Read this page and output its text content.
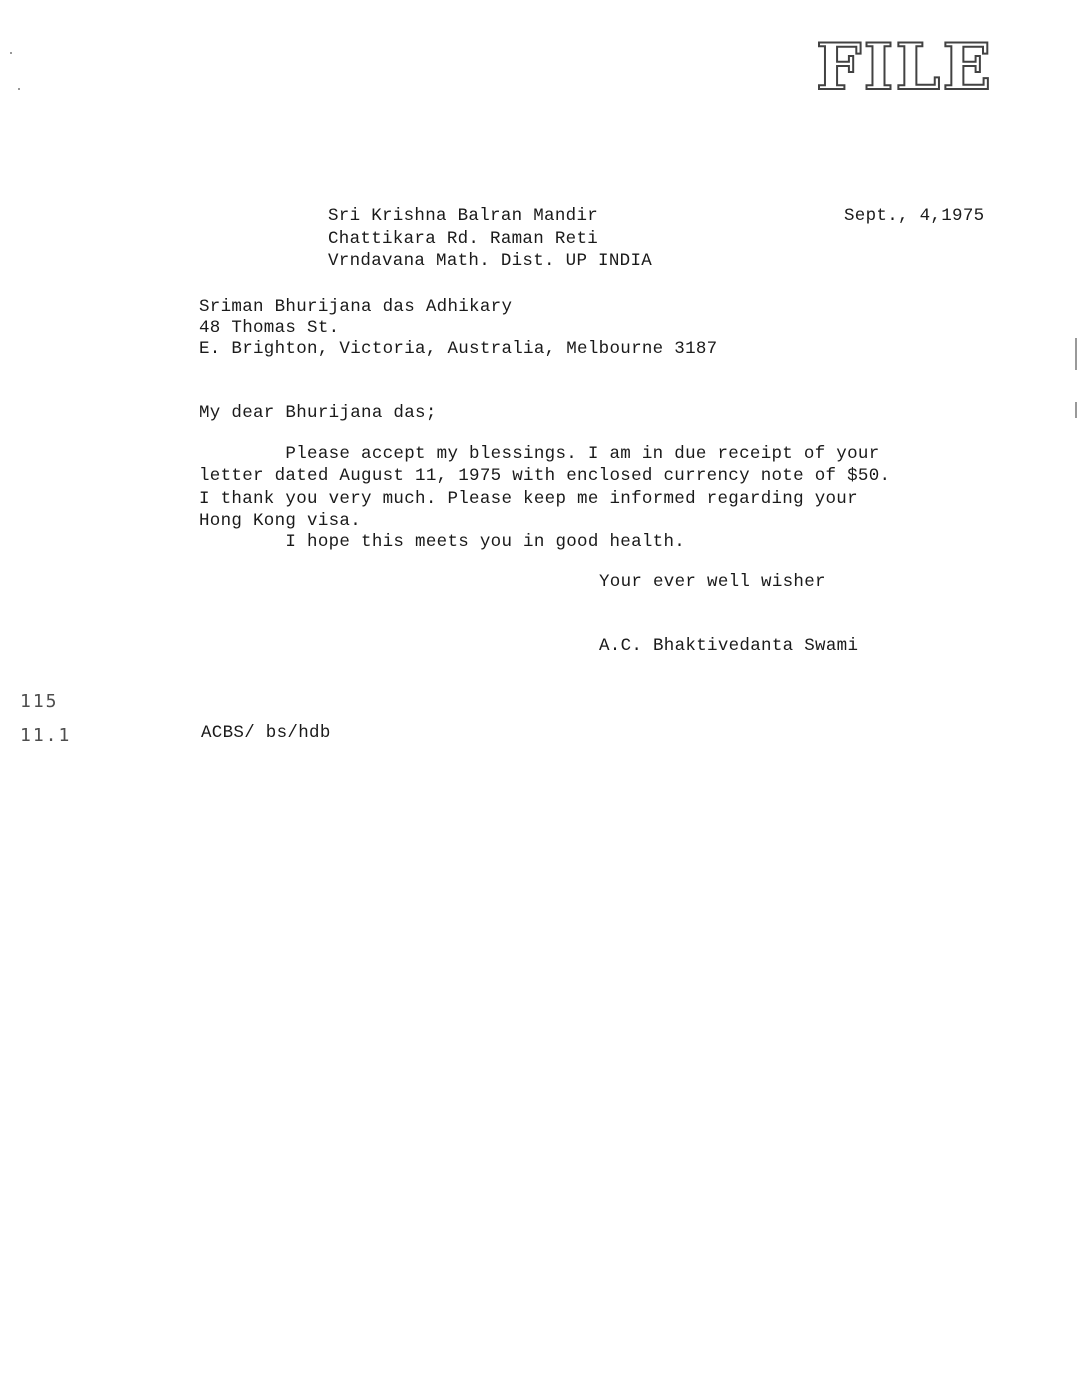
FILE
Sri Krishna Balran Mandir
Chattikara Rd. Raman Reti
Vrndavana Math. Dist. UP INDIA
Sept., 4,1975
Sriman Bhurijana das Adhikary
48 Thomas St.
E. Brighton, Victoria, Australia, Melbourne 3187
My dear Bhurijana das;
Please accept my blessings. I am in due receipt of your
letter dated August 11, 1975 with enclosed currency note of $50.
I thank you very much. Please keep me informed regarding your
Hong Kong visa.
I hope this meets you in good health.
Your ever well wisher
A.C. Bhaktivedanta Swami
115
11.1	ACBS/ bs/hdb
